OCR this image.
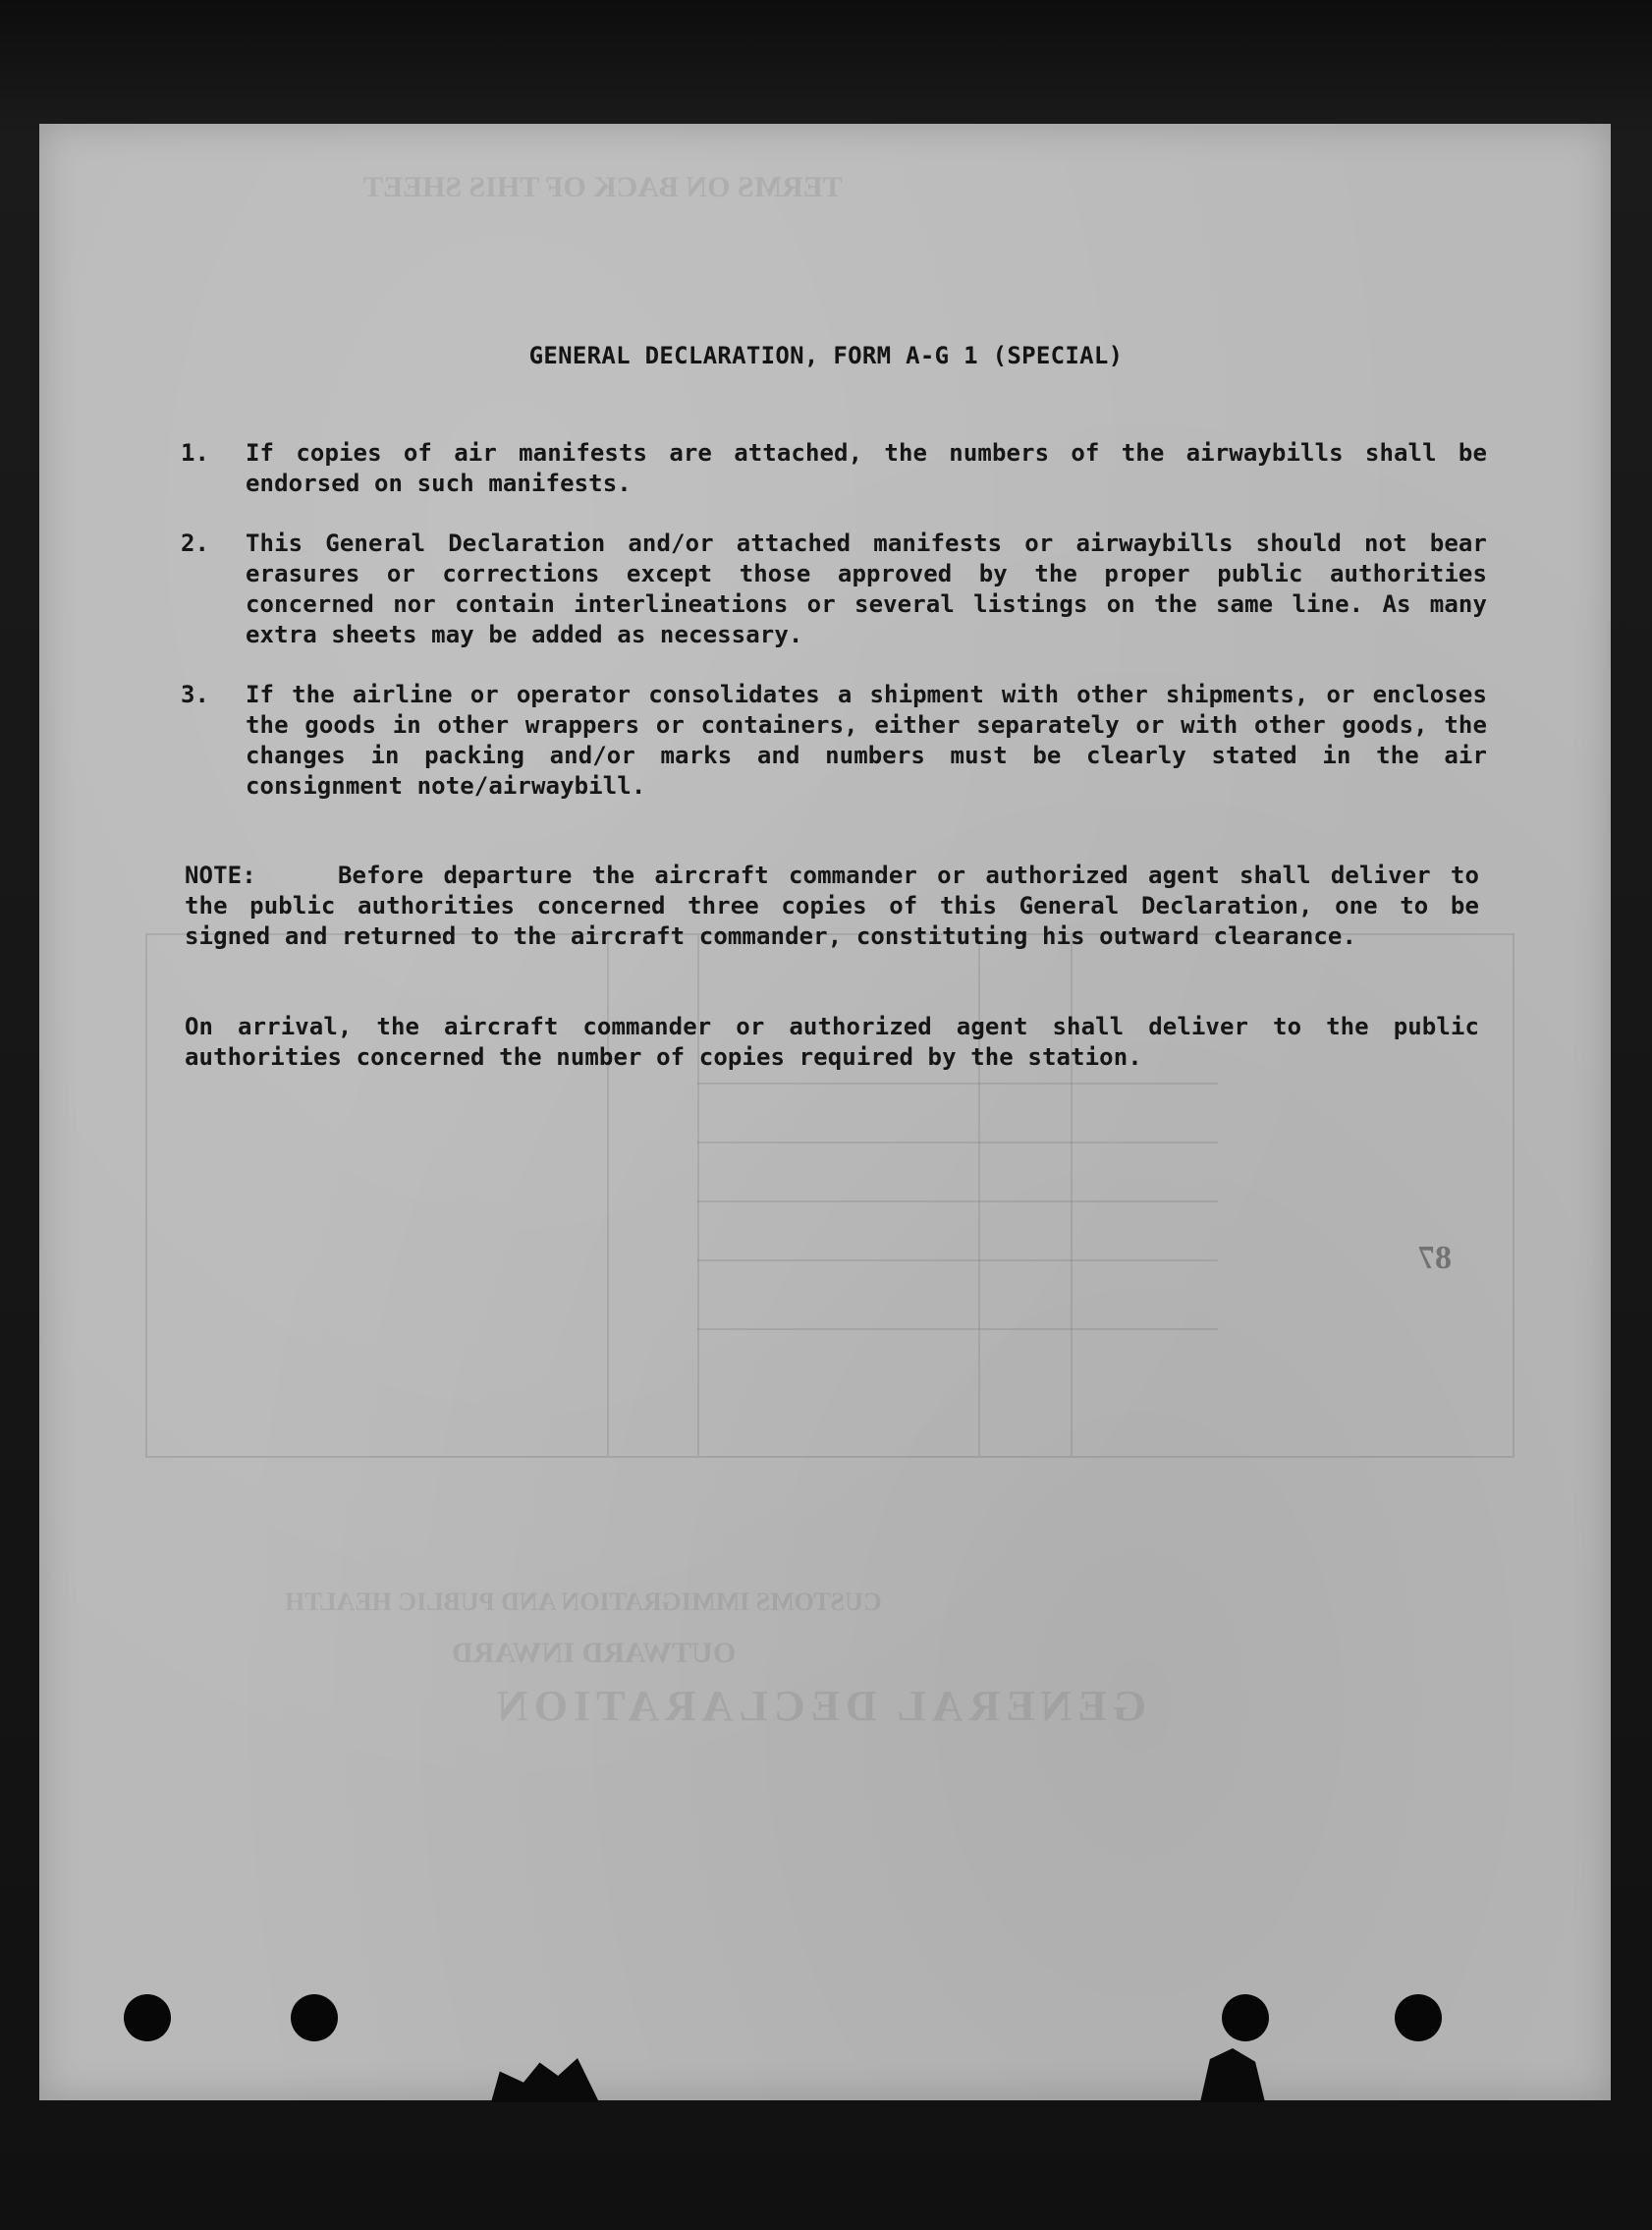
TERMS ON BACK OF THIS SHEET
CUSTOMS IMMIGRATION AND PUBLIC HEALTH
OUTWARD INWARD
GENERAL DECLARATION
GENERAL DECLARATION, FORM A-G 1 (SPECIAL)
1. If copies of air manifests are attached, the numbers of the airwaybills shall be endorsed on such manifests.
2. This General Declaration and/or attached manifests or airwaybills should not bear erasures or corrections except those approved by the proper public authorities concerned nor contain interlineations or several listings on the same line. As many extra sheets may be added as necessary.
3. If the airline or operator consolidates a shipment with other shipments, or encloses the goods in other wrappers or containers, either separately or with other goods, the changes in packing and/or marks and numbers must be clearly stated in the air consignment note/airwaybill.
NOTE:	Before departure the aircraft commander or authorized agent shall deliver to the public authorities concerned three copies of this General Declaration, one to be signed and returned to the aircraft commander, constituting his outward clearance.
On arrival, the aircraft commander or authorized agent shall deliver to the public authorities concerned the number of copies required by the station.
87
